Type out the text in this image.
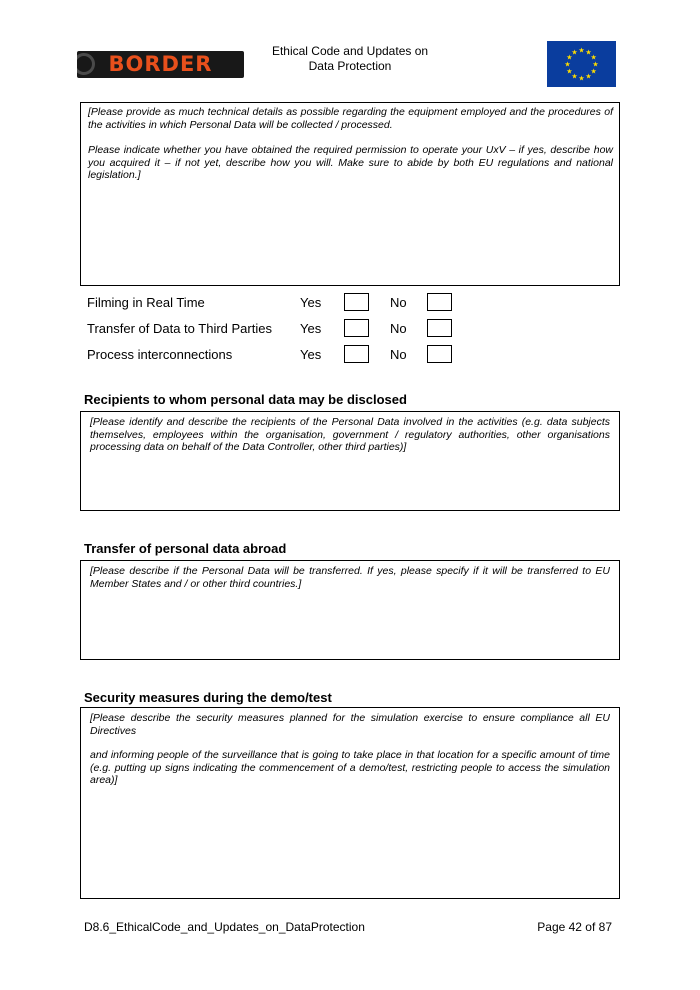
BORDER
Ethical Code and Updates on
Data Protection
★ ★
★
★
★
★
★
★
★
★
★
★

[Please provide as much technical details as possible regarding the equipment employed and the procedures of the activities in which Personal Data will be collected / processed.

Please indicate whether you have obtained the required permission to operate your UxV – if yes, describe how you acquired it – if not yet, describe how you will. Make sure to abide by both EU regulations and national legislation.]

Filming in Real Time	Yes	No
Transfer of Data to Third Parties Yes	No
Process interconnections	Yes	No
Recipients to whom personal data may be disclosed

[Please identify and describe the recipients of the Personal Data involved in the activities (e.g. data subjects themselves, employees within the organisation, government / regulatory authorities, other organisations processing data on behalf of the Data Controller, other third parties)]

Transfer of personal data abroad

[Please describe if the Personal Data will be transferred. If yes, please specify if it will be transferred to EU Member States and / or other third countries.]

Security measures during the demo/test

[Please describe the security measures planned for the simulation exercise to ensure compliance all EU Directives

and informing people of the surveillance that is going to take place in that location for a specific amount of time (e.g. putting up signs indicating the commencement of a demo/test, restricting people to access the simulation area)]

D8.6_EthicalCode_and_Updates_on_DataProtection	Page 42 of 87
